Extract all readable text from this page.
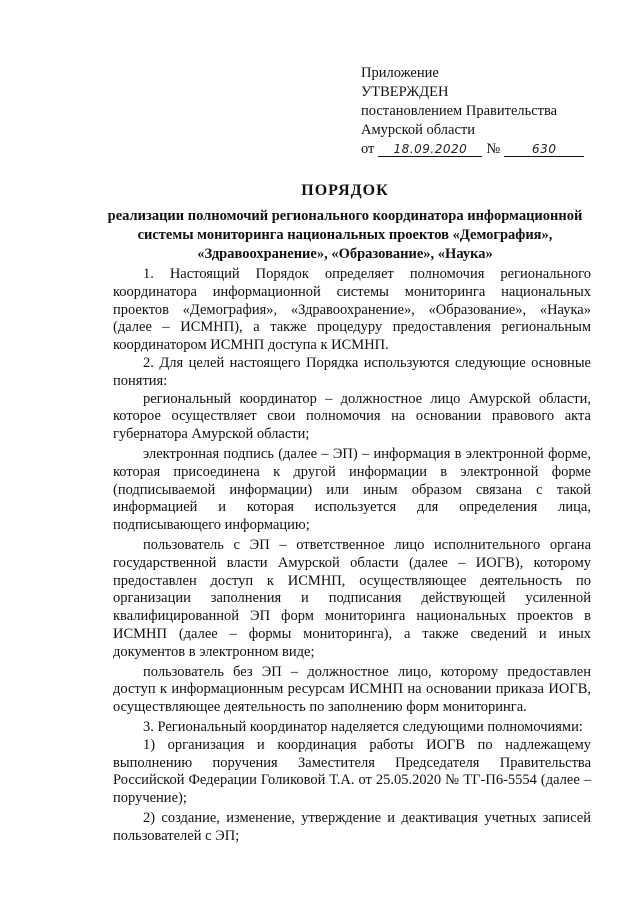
Приложение
УТВЕРЖДЕН
постановлением Правительства
Амурской области
от	18.09.2020	№	630
ПОРЯДОК
реализации полномочий регионального координатора информационной системы мониторинга национальных проектов «Демография», «Здравоохранение», «Образование», «Наука»

1. Настоящий Порядок определяет полномочия регионального координатора информационной системы мониторинга национальных проектов «Демография», «Здравоохранение», «Образование», «Наука» (далее – ИСМНП), а также процедуру предоставления региональным координатором ИСМНП доступа к ИСМНП.

2. Для целей настоящего Порядка используются следующие основные понятия:

региональный координатор – должностное лицо Амурской области, которое осуществляет свои полномочия на основании правового акта губернатора Амурской области;

электронная подпись (далее – ЭП) – информация в электронной форме, которая присоединена к другой информации в электронной форме (подписываемой информации) или иным образом связана с такой информацией и которая используется для определения лица, подписывающего информацию;

пользователь с ЭП – ответственное лицо исполнительного органа государственной власти Амурской области (далее – ИОГВ), которому предоставлен доступ к ИСМНП, осуществляющее деятельность по организации заполнения и подписания действующей усиленной квалифицированной ЭП форм мониторинга национальных проектов в ИСМНП (далее – формы мониторинга), а также сведений и иных документов в электронном виде;

пользователь без ЭП – должностное лицо, которому предоставлен доступ к информационным ресурсам ИСМНП на основании приказа ИОГВ, осуществляющее деятельность по заполнению форм мониторинга.

3. Региональный координатор наделяется следующими полномочиями:

1) организация и координация работы ИОГВ по надлежащему выполнению поручения Заместителя Председателя Правительства Российской Федерации Голиковой Т.А. от 25.05.2020 № ТГ-П6-5554 (далее – поручение);

2) создание, изменение, утверждение и деактивация учетных записей пользователей с ЭП;
